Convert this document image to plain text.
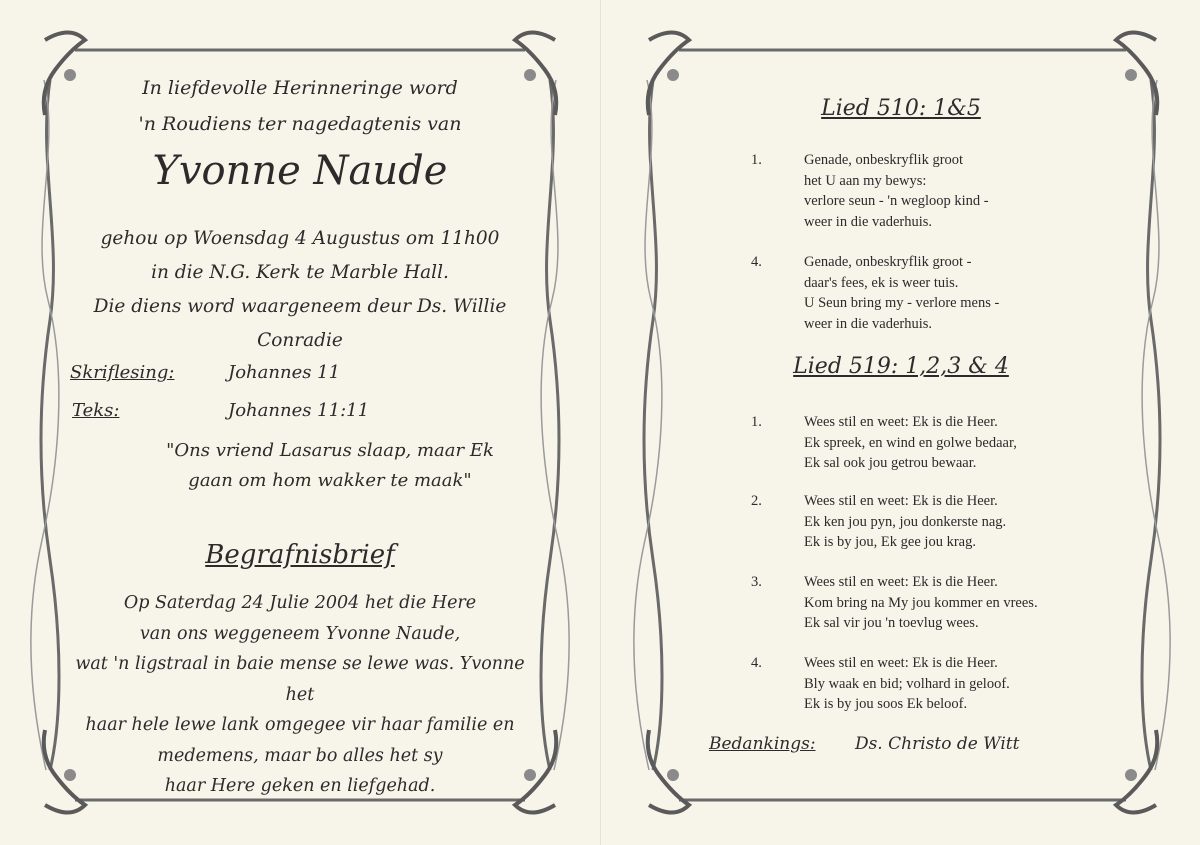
In liefdevolle Herinneringe word
'n Roudiens ter nagedagtenis van
Yvonne Naude
gehou op Woensdag 4 Augustus om 11h00
in die N.G. Kerk te Marble Hall.
Die diens word waargeneem deur Ds. Willie Conradie
Skriflesing:	Johannes 11
Teks:	Johannes 11:11
"Ons vriend Lasarus slaap, maar Ek
gaan om hom wakker te maak"
Begrafnisbrief
Op Saterdag 24 Julie 2004 het die Here
van ons weggeneem Yvonne Naude,
wat 'n ligstraal in baie mense se lewe was. Yvonne het
haar hele lewe lank omgegee vir haar familie en
medemens, maar bo alles het sy
haar Here geken en liefgehad.
Lied 510: 1&5
1.	Genade, onbeskryflik groot
het U aan my bewys:
verlore seun - 'n wegloop kind -
weer in die vaderhuis.
4.	Genade, onbeskryflik groot -
daar's fees, ek is weer tuis.
U Seun bring my - verlore mens -
weer in die vaderhuis.
Lied 519: 1,2,3 & 4
1.	Wees stil en weet: Ek is die Heer.
Ek spreek, en wind en golwe bedaar,
Ek sal ook jou getrou bewaar.
2.	Wees stil en weet: Ek is die Heer.
Ek ken jou pyn, jou donkerste nag.
Ek is by jou, Ek gee jou krag.
3.	Wees stil en weet: Ek is die Heer.
Kom bring na My jou kommer en vrees.
Ek sal vir jou 'n toevlug wees.
4.	Wees stil en weet: Ek is die Heer.
Bly waak en bid; volhard in geloof.
Ek is by jou soos Ek beloof.
Bedankings: Ds. Christo de Witt
